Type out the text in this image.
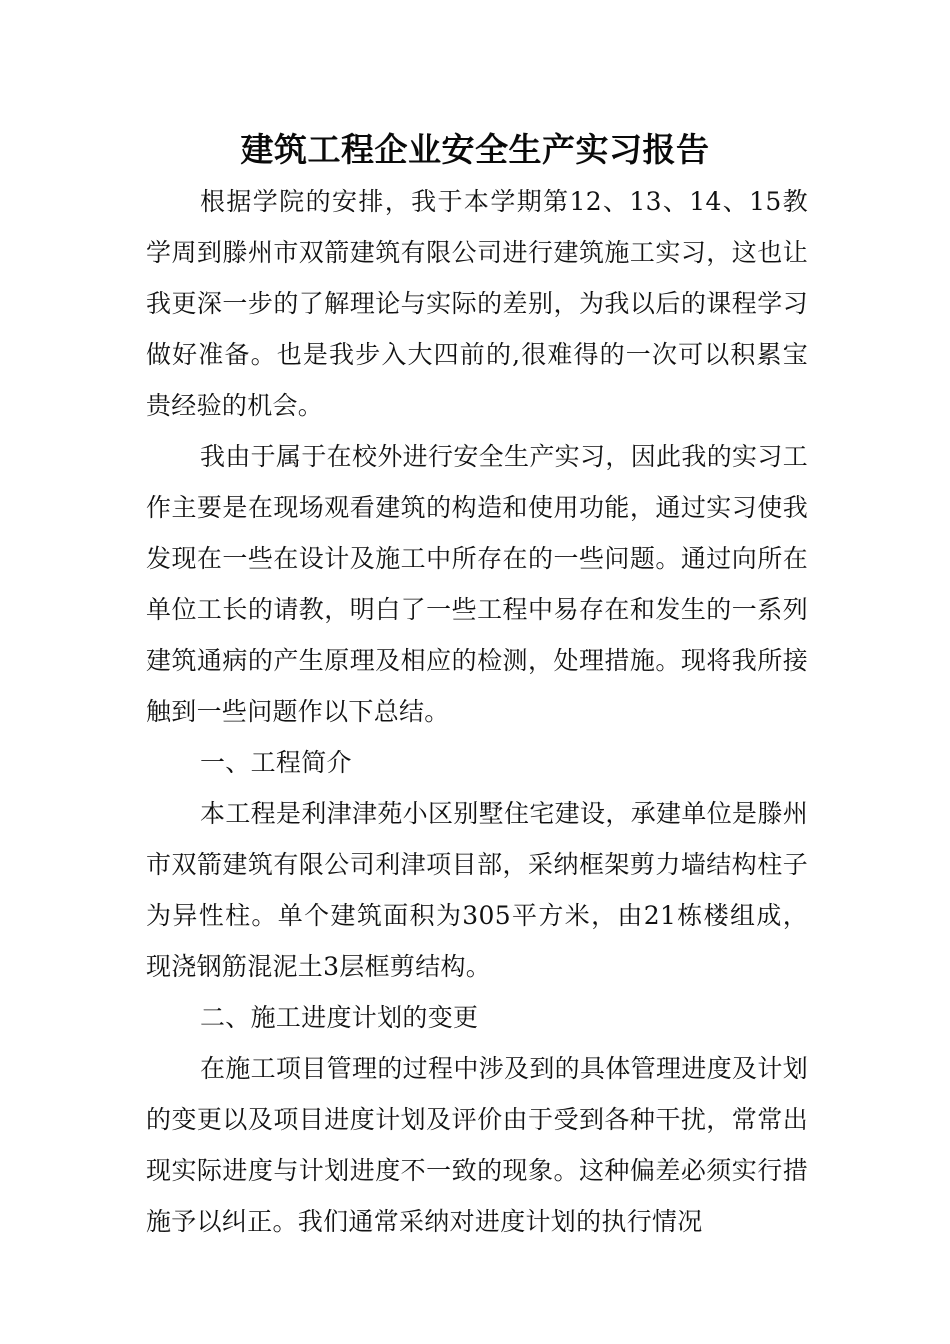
建筑工程企业安全生产实习报告

根据学院的安排，我于本学期第12、13、14、15教学周到滕州市双箭建筑有限公司进行建筑施工实习，这也让我更深一步的了解理论与实际的差别，为我以后的课程学习做好准备。也是我步入大四前的,很难得的一次可以积累宝贵经验的机会。

我由于属于在校外进行安全生产实习，因此我的实习工作主要是在现场观看建筑的构造和使用功能，通过实习使我发现在一些在设计及施工中所存在的一些问题。通过向所在单位工长的请教，明白了一些工程中易存在和发生的一系列建筑通病的产生原理及相应的检测，处理措施。现将我所接触到一些问题作以下总结。

一、工程简介

本工程是利津津苑小区别墅住宅建设，承建单位是滕州市双箭建筑有限公司利津项目部，采纳框架剪力墙结构柱子为异性柱。单个建筑面积为305平方米，由21栋楼组成，现浇钢筋混泥土3层框剪结构。

二、施工进度计划的变更

在施工项目管理的过程中涉及到的具体管理进度及计划的变更以及项目进度计划及评价由于受到各种干扰，常常出现实际进度与计划进度不一致的现象。这种偏差必须实行措施予以纠正。我们通常采纳对进度计划的执行情况
